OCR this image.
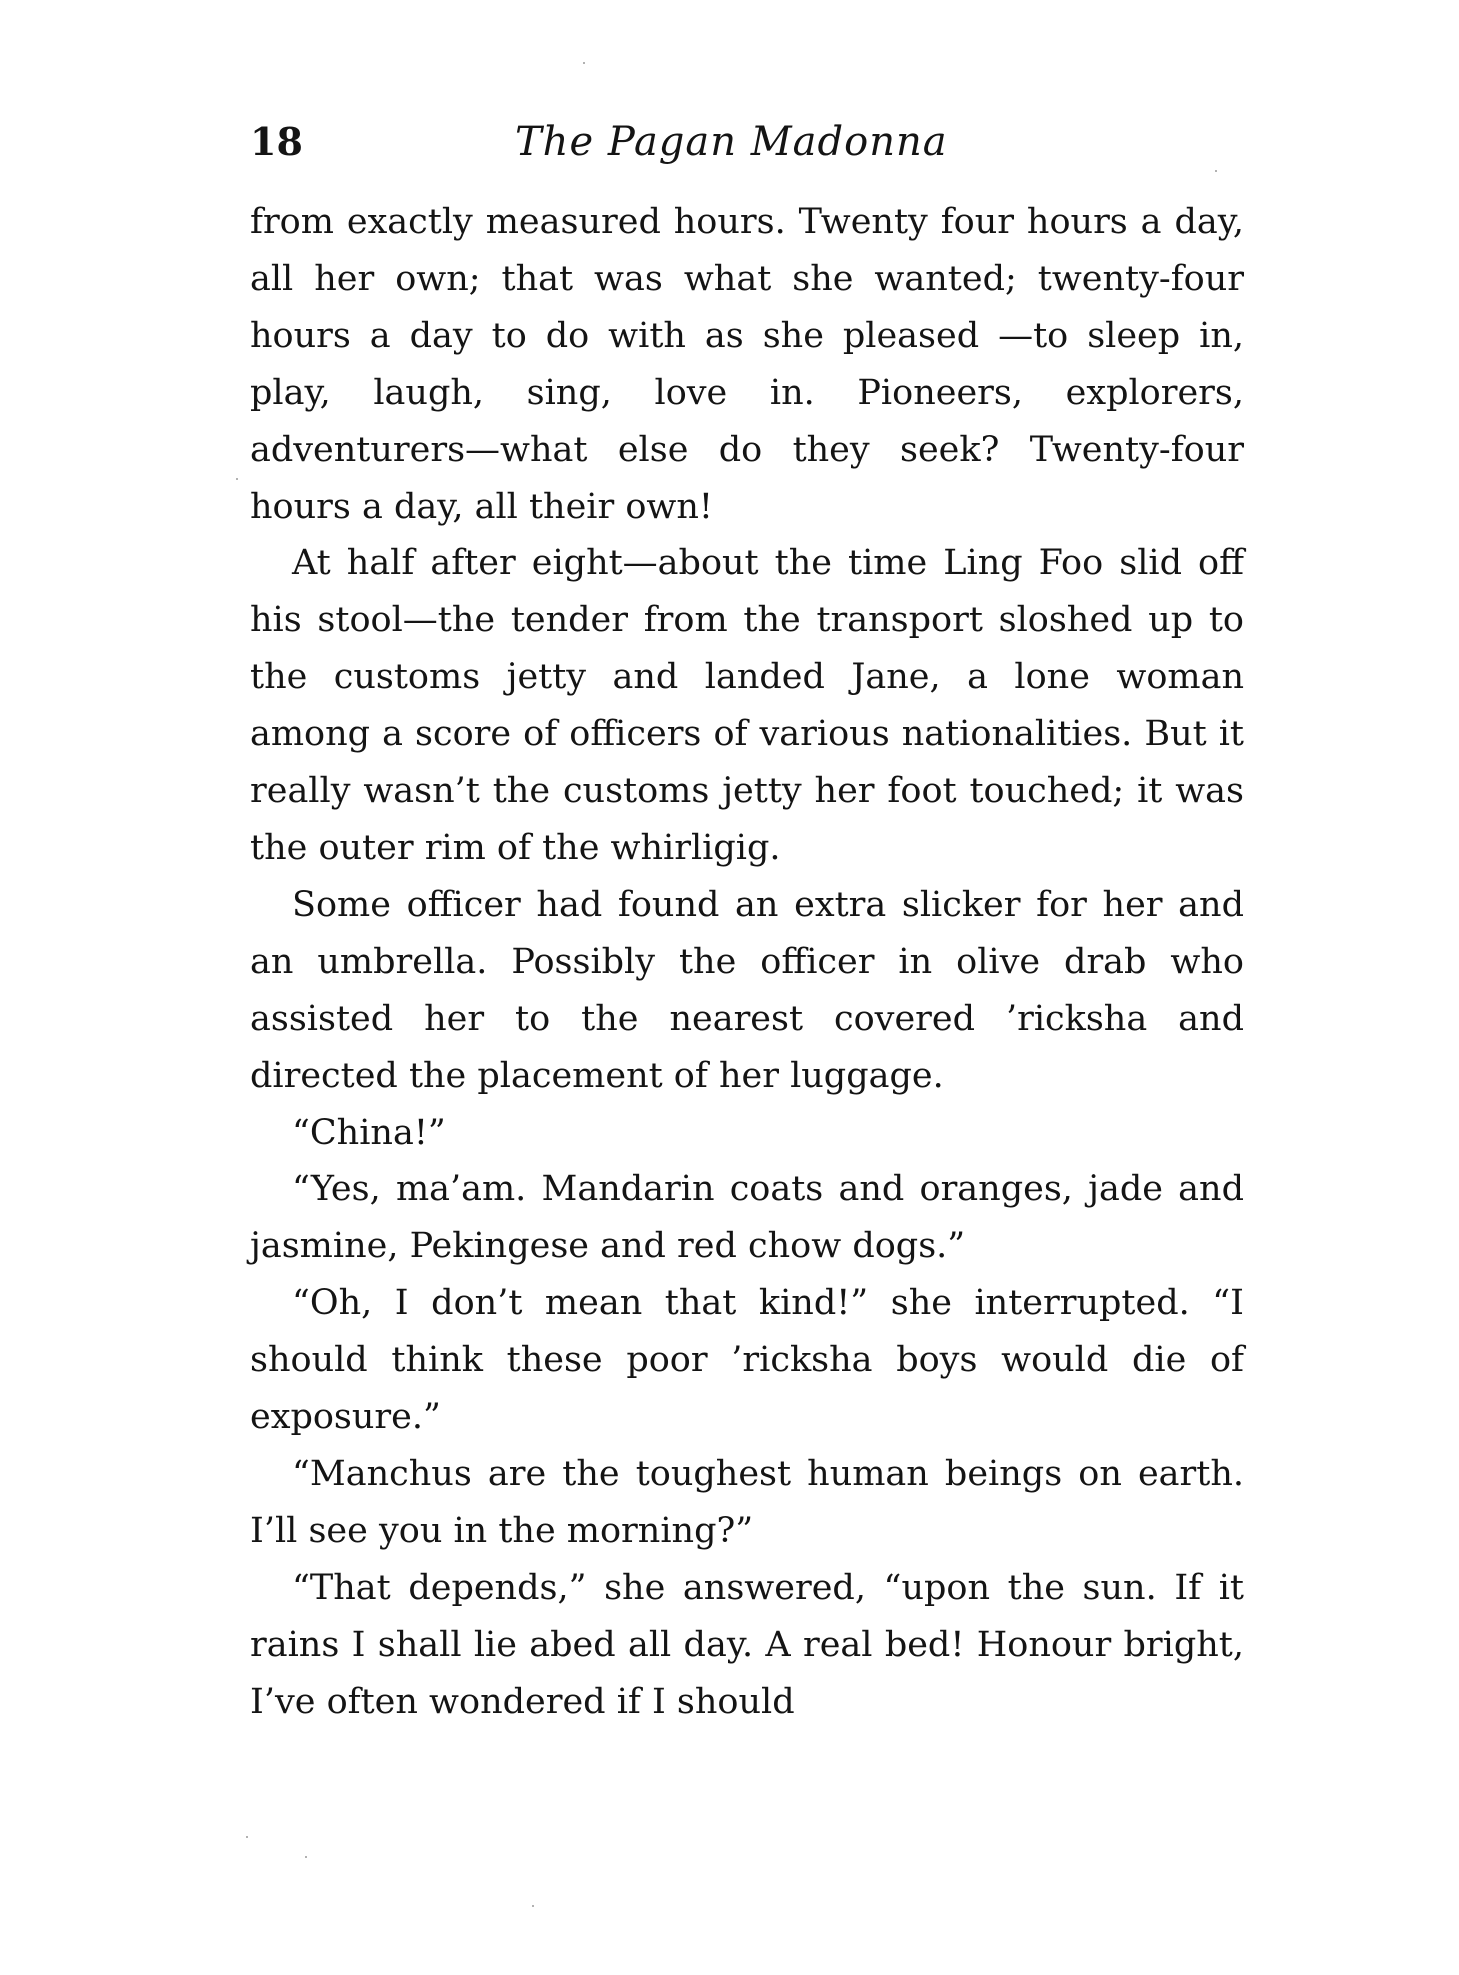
18	The Pagan Madonna

from exactly measured hours. Twenty four hours a day, all her own; that was what she wanted; twenty-four hours a day to do with as she pleased —to sleep in, play, laugh, sing, love in. Pioneers, explorers, adventurers—what else do they seek? Twenty-four hours a day, all their own!

At half after eight—about the time Ling Foo slid off his stool—the tender from the transport sloshed up to the customs jetty and landed Jane, a lone woman among a score of officers of various nationalities. But it really wasn’t the customs jetty her foot touched; it was the outer rim of the whirligig.

Some officer had found an extra slicker for her and an umbrella. Possibly the officer in olive drab who assisted her to the nearest covered ’ricksha and directed the placement of her luggage.

“China!”

“Yes, ma’am. Mandarin coats and oranges, jade and jasmine, Pekingese and red chow dogs.”

“Oh, I don’t mean that kind!” she interrupted. “I should think these poor ’ricksha boys would die of exposure.”

“Manchus are the toughest human beings on earth. I’ll see you in the morning?”

“That depends,” she answered, “upon the sun. If it rains I shall lie abed all day. A real bed! Honour bright, I’ve often wondered if I should
